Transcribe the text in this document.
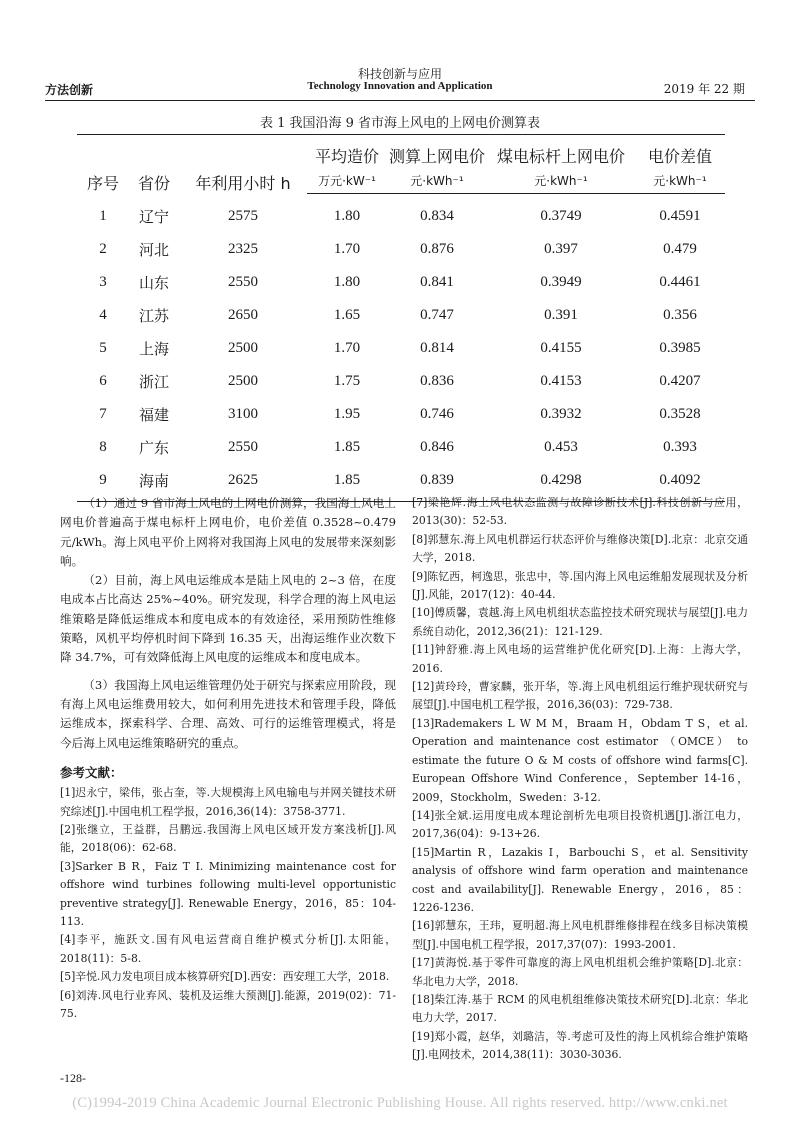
科技创新与应用
Technology Innovation and Application
方法创新	2019 年 22 期
表 1 我国沿海 9 省市海上风电的上网电价测算表
序号	省份	年利用小时 h	平均造价	测算上网电价	煤电标杆上网电价	电价差值
			万元·kW⁻¹	元·kWh⁻¹	元·kWh⁻¹	元·kWh⁻¹
1	辽宁	2575	1.80	0.834	0.3749	0.4591
2	河北	2325	1.70	0.876	0.397	0.479
3	山东	2550	1.80	0.841	0.3949	0.4461
4	江苏	2650	1.65	0.747	0.391	0.356
5	上海	2500	1.70	0.814	0.4155	0.3985
6	浙江	2500	1.75	0.836	0.4153	0.4207
7	福建	3100	1.95	0.746	0.3932	0.3528
8	广东	2550	1.85	0.846	0.453	0.393
9	海南	2625	1.85	0.839	0.4298	0.4092

（1）通过 9 省市海上风电的上网电价测算，我国海上风电上网电价普遍高于煤电标杆上网电价，电价差值 0.3528~0.479 元/kWh。海上风电平价上网将对我国海上风电的发展带来深刻影响。

（2）目前，海上风电运维成本是陆上风电的 2~3 倍，在度电成本占比高达 25%~40%。研究发现，科学合理的海上风电运维策略是降低运维成本和度电成本的有效途径，采用预防性维修策略，风机平均停机时间下降到 16.35 天，出海运维作业次数下降 34.7%，可有效降低海上风电度的运维成本和度电成本。

（3）我国海上风电运维管理仍处于研究与探索应用阶段，现有海上风电运维费用较大，如何利用先进技术和管理手段，降低运维成本，探索科学、合理、高效、可行的运维管理模式，将是今后海上风电运维策略研究的重点。

参考文献：

[1]迟永宁，梁伟，张占奎，等.大规模海上风电输电与并网关键技术研究综述[J].中国电机工程学报，2016,36(14)：3758-3771.

[2]张继立，王益群，吕鹏远.我国海上风电区域开发方案浅析[J].风能，2018(06)：62-68.

[3]Sarker B R，Faiz T I. Minimizing maintenance cost for offshore wind turbines following multi-level opportunistic preventive strategy[J]. Renewable Energy，2016，85：104-113.

[4]李平，施跃文.国有风电运营商自维护模式分析[J].太阳能，2018(11)：5-8.

[5]辛悦.风力发电项目成本核算研究[D].西安：西安理工大学，2018.

[6]刘涛.风电行业弃风、装机及运维大预测[J].能源，2019(02)：71-75.

[7]梁艳辉.海上风电状态监测与故障诊断技术[J].科技创新与应用，2013(30)：52-53.

[8]郭慧东.海上风电机群运行状态评价与维修决策[D].北京：北京交通大学，2018.

[9]陈钇西，柯逸思，张忠中，等.国内海上风电运维船发展现状及分析[J].风能，2017(12)：40-44.

[10]傅质馨，袁越.海上风电机组状态监控技术研究现状与展望[J].电力系统自动化，2012,36(21)：121-129.

[11]钟舒雅.海上风电场的运营维护优化研究[D].上海：上海大学，2016.

[12]黄玲玲，曹家麟，张开华，等.海上风电机组运行维护现状研究与展望[J].中国电机工程学报，2016,36(03)：729-738.

[13]Rademakers L W M M，Braam H，Obdam T S，et al. Operation and maintenance cost estimator （OMCE） to estimate the future O & M costs of offshore wind farms[C]. European Offshore Wind Conference，September 14-16，2009，Stockholm，Sweden：3-12.

[14]张全斌.运用度电成本理论剖析先电项目投资机遇[J].浙江电力，2017,36(04)：9-13+26.

[15]Martin R，Lazakis I，Barbouchi S，et al. Sensitivity analysis of offshore wind farm operation and maintenance cost and availability[J]. Renewable Energy，2016，85：1226-1236.

[16]郭慧东，王玮，夏明超.海上风电机群维修排程在线多目标决策模型[J].中国电机工程学报，2017,37(07)：1993-2001.

[17]黄海悦.基于零件可靠度的海上风电机组机会维护策略[D].北京：华北电力大学，2018.

[18]柴江涛.基于 RCM 的风电机组维修决策技术研究[D].北京：华北电力大学，2017.

[19]郑小霞，赵华，刘璐洁，等.考虑可及性的海上风机综合维护策略[J].电网技术，2014,38(11)：3030-3036.

-128-
(C)1994-2019 China Academic Journal Electronic Publishing House. All rights reserved. http://www.cnki.net
